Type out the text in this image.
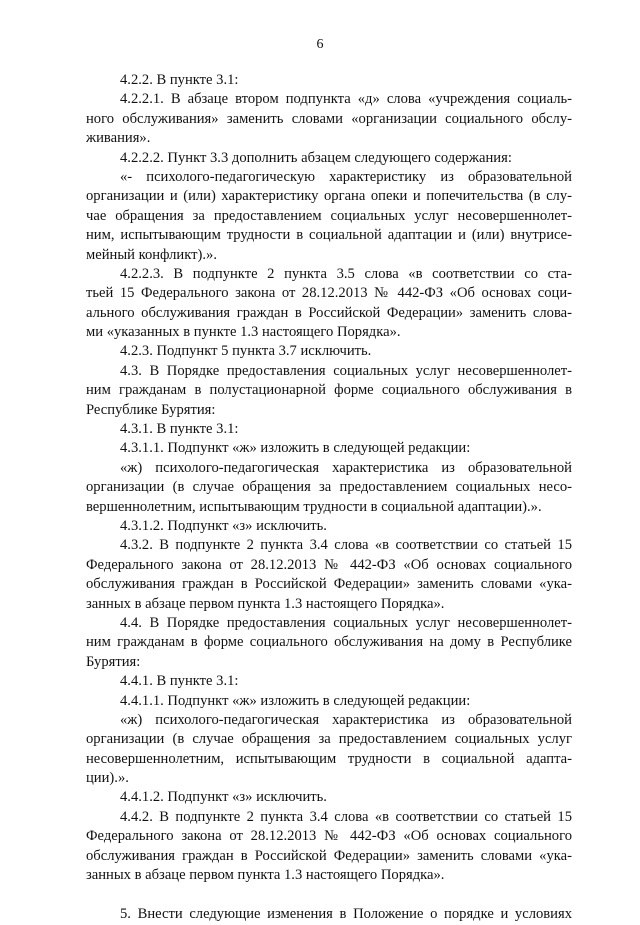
6
4.2.2. В пункте 3.1:
4.2.2.1. В абзаце втором подпункта «д» слова «учреждения социаль-
ного обслуживания» заменить словами «организации социального обслу-
живания».
4.2.2.2. Пункт 3.3 дополнить абзацем следующего содержания:
«- психолого-педагогическую характеристику из образовательной
организации и (или) характеристику органа опеки и попечительства (в слу-
чае обращения за предоставлением социальных услуг несовершеннолет-
ним, испытывающим трудности в социальной адаптации и (или) внутрисе-
мейный конфликт).».
4.2.2.3. В подпункте 2 пункта 3.5 слова «в соответствии со ста-
тьей 15 Федерального закона от 28.12.2013 № 442-ФЗ «Об основах соци-
ального обслуживания граждан в Российской Федерации» заменить слова-
ми «указанных в пункте 1.3 настоящего Порядка».
4.2.3. Подпункт 5 пункта 3.7 исключить.
4.3. В Порядке предоставления социальных услуг несовершеннолет-
ним гражданам в полустационарной форме социального обслуживания в
Республике Бурятия:
4.3.1. В пункте 3.1:
4.3.1.1. Подпункт «ж» изложить в следующей редакции:
«ж) психолого-педагогическая характеристика из образовательной
организации (в случае обращения за предоставлением социальных несо-
вершеннолетним, испытывающим трудности в социальной адаптации).».
4.3.1.2. Подпункт «з» исключить.
4.3.2. В подпункте 2 пункта 3.4 слова «в соответствии со статьей 15
Федерального закона от 28.12.2013 № 442-ФЗ «Об основах социального
обслуживания граждан в Российской Федерации» заменить словами «ука-
занных в абзаце первом пункта 1.3 настоящего Порядка».
4.4. В Порядке предоставления социальных услуг несовершеннолет-
ним гражданам в форме социального обслуживания на дому в Республике
Бурятия:
4.4.1. В пункте 3.1:
4.4.1.1. Подпункт «ж» изложить в следующей редакции:
«ж) психолого-педагогическая характеристика из образовательной
организации (в случае обращения за предоставлением социальных услуг
несовершеннолетним, испытывающим трудности в социальной адапта-
ции).».
4.4.1.2. Подпункт «з» исключить.
4.4.2. В подпункте 2 пункта 3.4 слова «в соответствии со статьей 15
Федерального закона от 28.12.2013 № 442-ФЗ «Об основах социального
обслуживания граждан в Российской Федерации» заменить словами «ука-
занных в абзаце первом пункта 1.3 настоящего Порядка».
5. Внести следующие изменения в Положение о порядке и условиях
